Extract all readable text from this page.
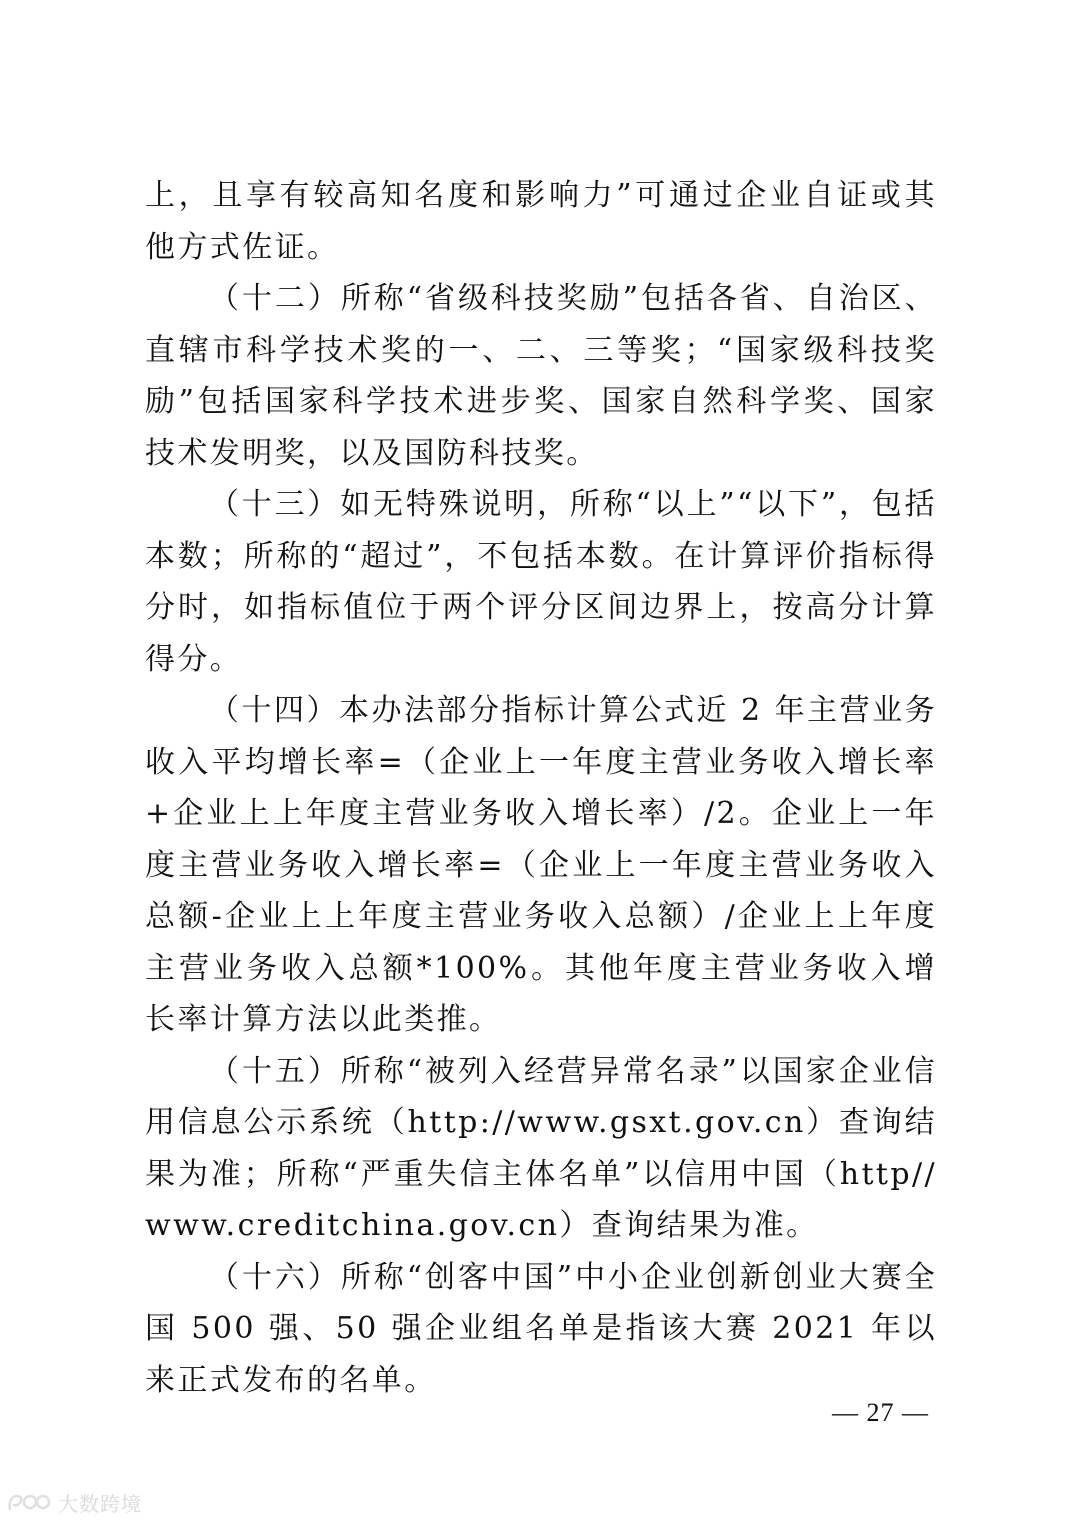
上，且享有较高知名度和影响力”可通过企业自证或其他方式佐证。

（十二）所称“省级科技奖励”包括各省、自治区、直辖市科学技术奖的一、二、三等奖；“国家级科技奖励”包括国家科学技术进步奖、国家自然科学奖、国家技术发明奖，以及国防科技奖。

（十三）如无特殊说明，所称“以上”“以下”，包括本数；所称的“超过”，不包括本数。在计算评价指标得分时，如指标值位于两个评分区间边界上，按高分计算得分。

（十四）本办法部分指标计算公式近 2 年主营业务收入平均增长率=（企业上一年度主营业务收入增长率+企业上上年度主营业务收入增长率）/2。企业上一年度主营业务收入增长率=（企业上一年度主营业务收入总额-企业上上年度主营业务收入总额）/企业上上年度主营业务收入总额*100%。其他年度主营业务收入增长率计算方法以此类推。

（十五）所称“被列入经营异常名录”以国家企业信用信息公示系统（http://www.gsxt.gov.cn）查询结果为准；所称“严重失信主体名单”以信用中国（http//www.creditchina.gov.cn）查询结果为准。

（十六）所称“创客中国”中小企业创新创业大赛全国 500 强、50 强企业组名单是指该大赛 2021 年以来正式发布的名单。

— 27 —
大数跨境
